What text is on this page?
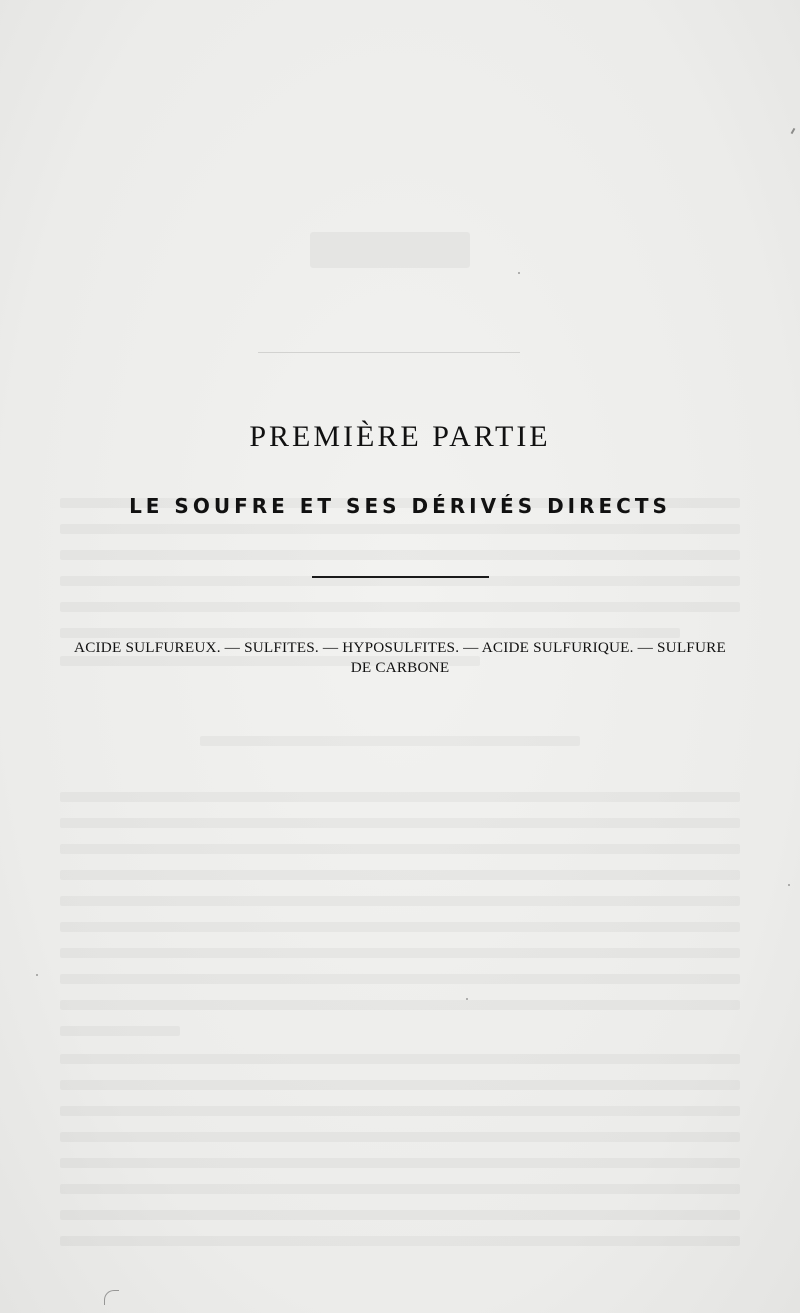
PREMIÈRE PARTIE
LE SOUFRE ET SES DÉRIVÉS DIRECTS
ACIDE SULFUREUX. — SULFITES. — HYPOSULFITES. — ACIDE SULFURIQUE. — SULFURE
DE CARBONE
